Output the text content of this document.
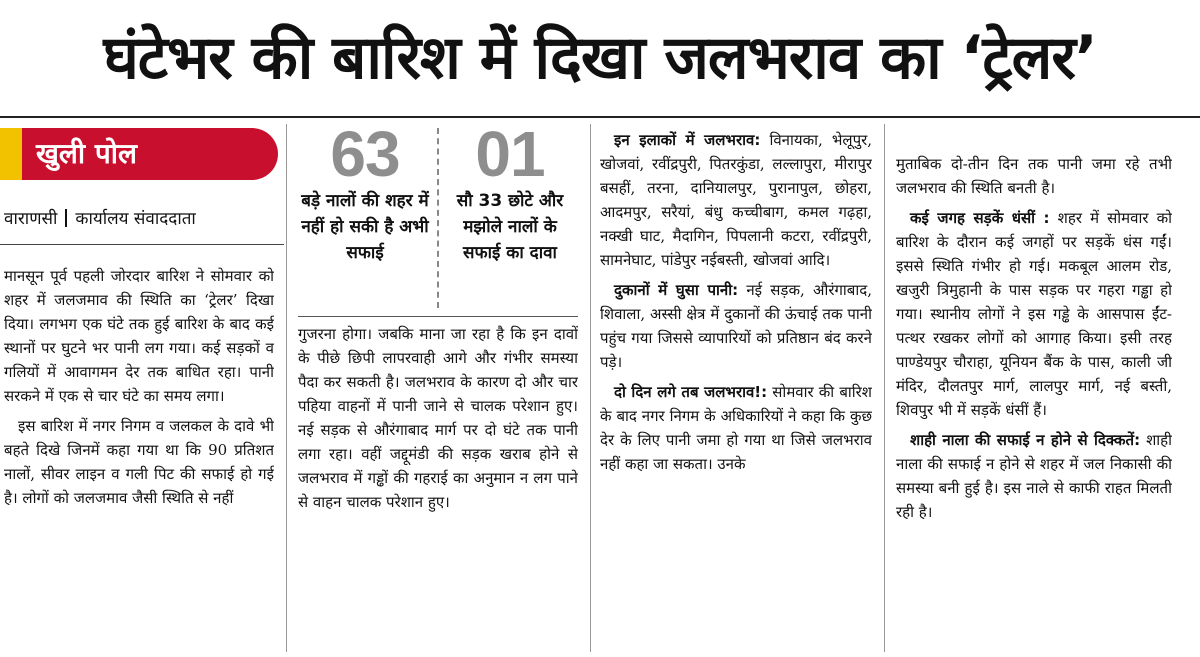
घंटेभर की बारिश में दिखा जलभराव का ‘ट्रेलर’
खुली पोल
वाराणसी कार्यालय संवाददाता

मानसून पूर्व पहली जोरदार बारिश ने सोमवार को शहर में जलजमाव की स्थिति का ‘ट्रेलर’ दिखा दिया। लगभग एक घंटे तक हुई बारिश के बाद कई स्थानों पर घुटने भर पानी लग गया। कई सड़कों व गलियों में आवागमन देर तक बाधित रहा। पानी सरकने में एक से चार घंटे का समय लगा।

इस बारिश में नगर निगम व जलकल के दावे भी बहते दिखे जिनमें कहा गया था कि 90 प्रतिशत नालों, सीवर लाइन व गली पिट की सफाई हो गई है। लोगों को जलजमाव जैसी स्थिति से नहीं

63
बड़े नालों की शहर में नहीं हो सकी है अभी सफाई
01
सौ 33 छोटे और मझोले नालों के सफाई का दावा

गुजरना होगा। जबकि माना जा रहा है कि इन दावों के पीछे छिपी लापरवाही आगे और गंभीर समस्या पैदा कर सकती है। जलभराव के कारण दो और चार पहिया वाहनों में पानी जाने से चालक परेशान हुए। नई सड़क से औरंगाबाद मार्ग पर दो घंटे तक पानी लगा रहा। वहीं जद्दूमंडी की सड़क खराब होने से जलभराव में गड्ढों की गहराई का अनुमान न लग पाने से वाहन चालक परेशान हुए।

इन इलाकों में जलभराव: विनायका, भेलूपुर, खोजवां, रवींद्रपुरी, पितरकुंडा, लल्लापुरा, मीरापुर बसहीं, तरना, दानियालपुर, पुरानापुल, छोहरा, आदमपुर, सरैयां, बंधु कच्चीबाग, कमल गढ़हा, नक्खी घाट, मैदागिन, पिपलानी कटरा, रवींद्रपुरी, सामनेघाट, पांडेपुर नईबस्ती, खोजवां आदि।

दुकानों में घुसा पानी: नई सड़क, औरंगाबाद, शिवाला, अस्सी क्षेत्र में दुकानों की ऊंचाई तक पानी पहुंच गया जिससे व्यापारियों को प्रतिष्ठान बंद करने पड़े।

दो दिन लगे तब जलभराव!: सोमवार की बारिश के बाद नगर निगम के अधिकारियों ने कहा कि कुछ देर के लिए पानी जमा हो गया था जिसे जलभराव नहीं कहा जा सकता। उनके

मुताबिक दो-तीन दिन तक पानी जमा रहे तभी जलभराव की स्थिति बनती है।

कई जगह सड़कें धंसीं : शहर में सोमवार को बारिश के दौरान कई जगहों पर सड़कें धंस गईं। इससे स्थिति गंभीर हो गई। मकबूल आलम रोड, खजुरी त्रिमुहानी के पास सड़क पर गहरा गड्ढा हो गया। स्थानीय लोगों ने इस गड्ढे के आसपास ईंट-पत्थर रखकर लोगों को आगाह किया। इसी तरह पाण्डेयपुर चौराहा, यूनियन बैंक के पास, काली जी मंदिर, दौलतपुर मार्ग, लालपुर मार्ग, नई बस्ती, शिवपुर भी में सड़कें धंसीं हैं।

शाही नाला की सफाई न होने से दिक्कतें: शाही नाला की सफाई न होने से शहर में जल निकासी की समस्या बनी हुई है। इस नाले से काफी राहत मिलती रही है।
